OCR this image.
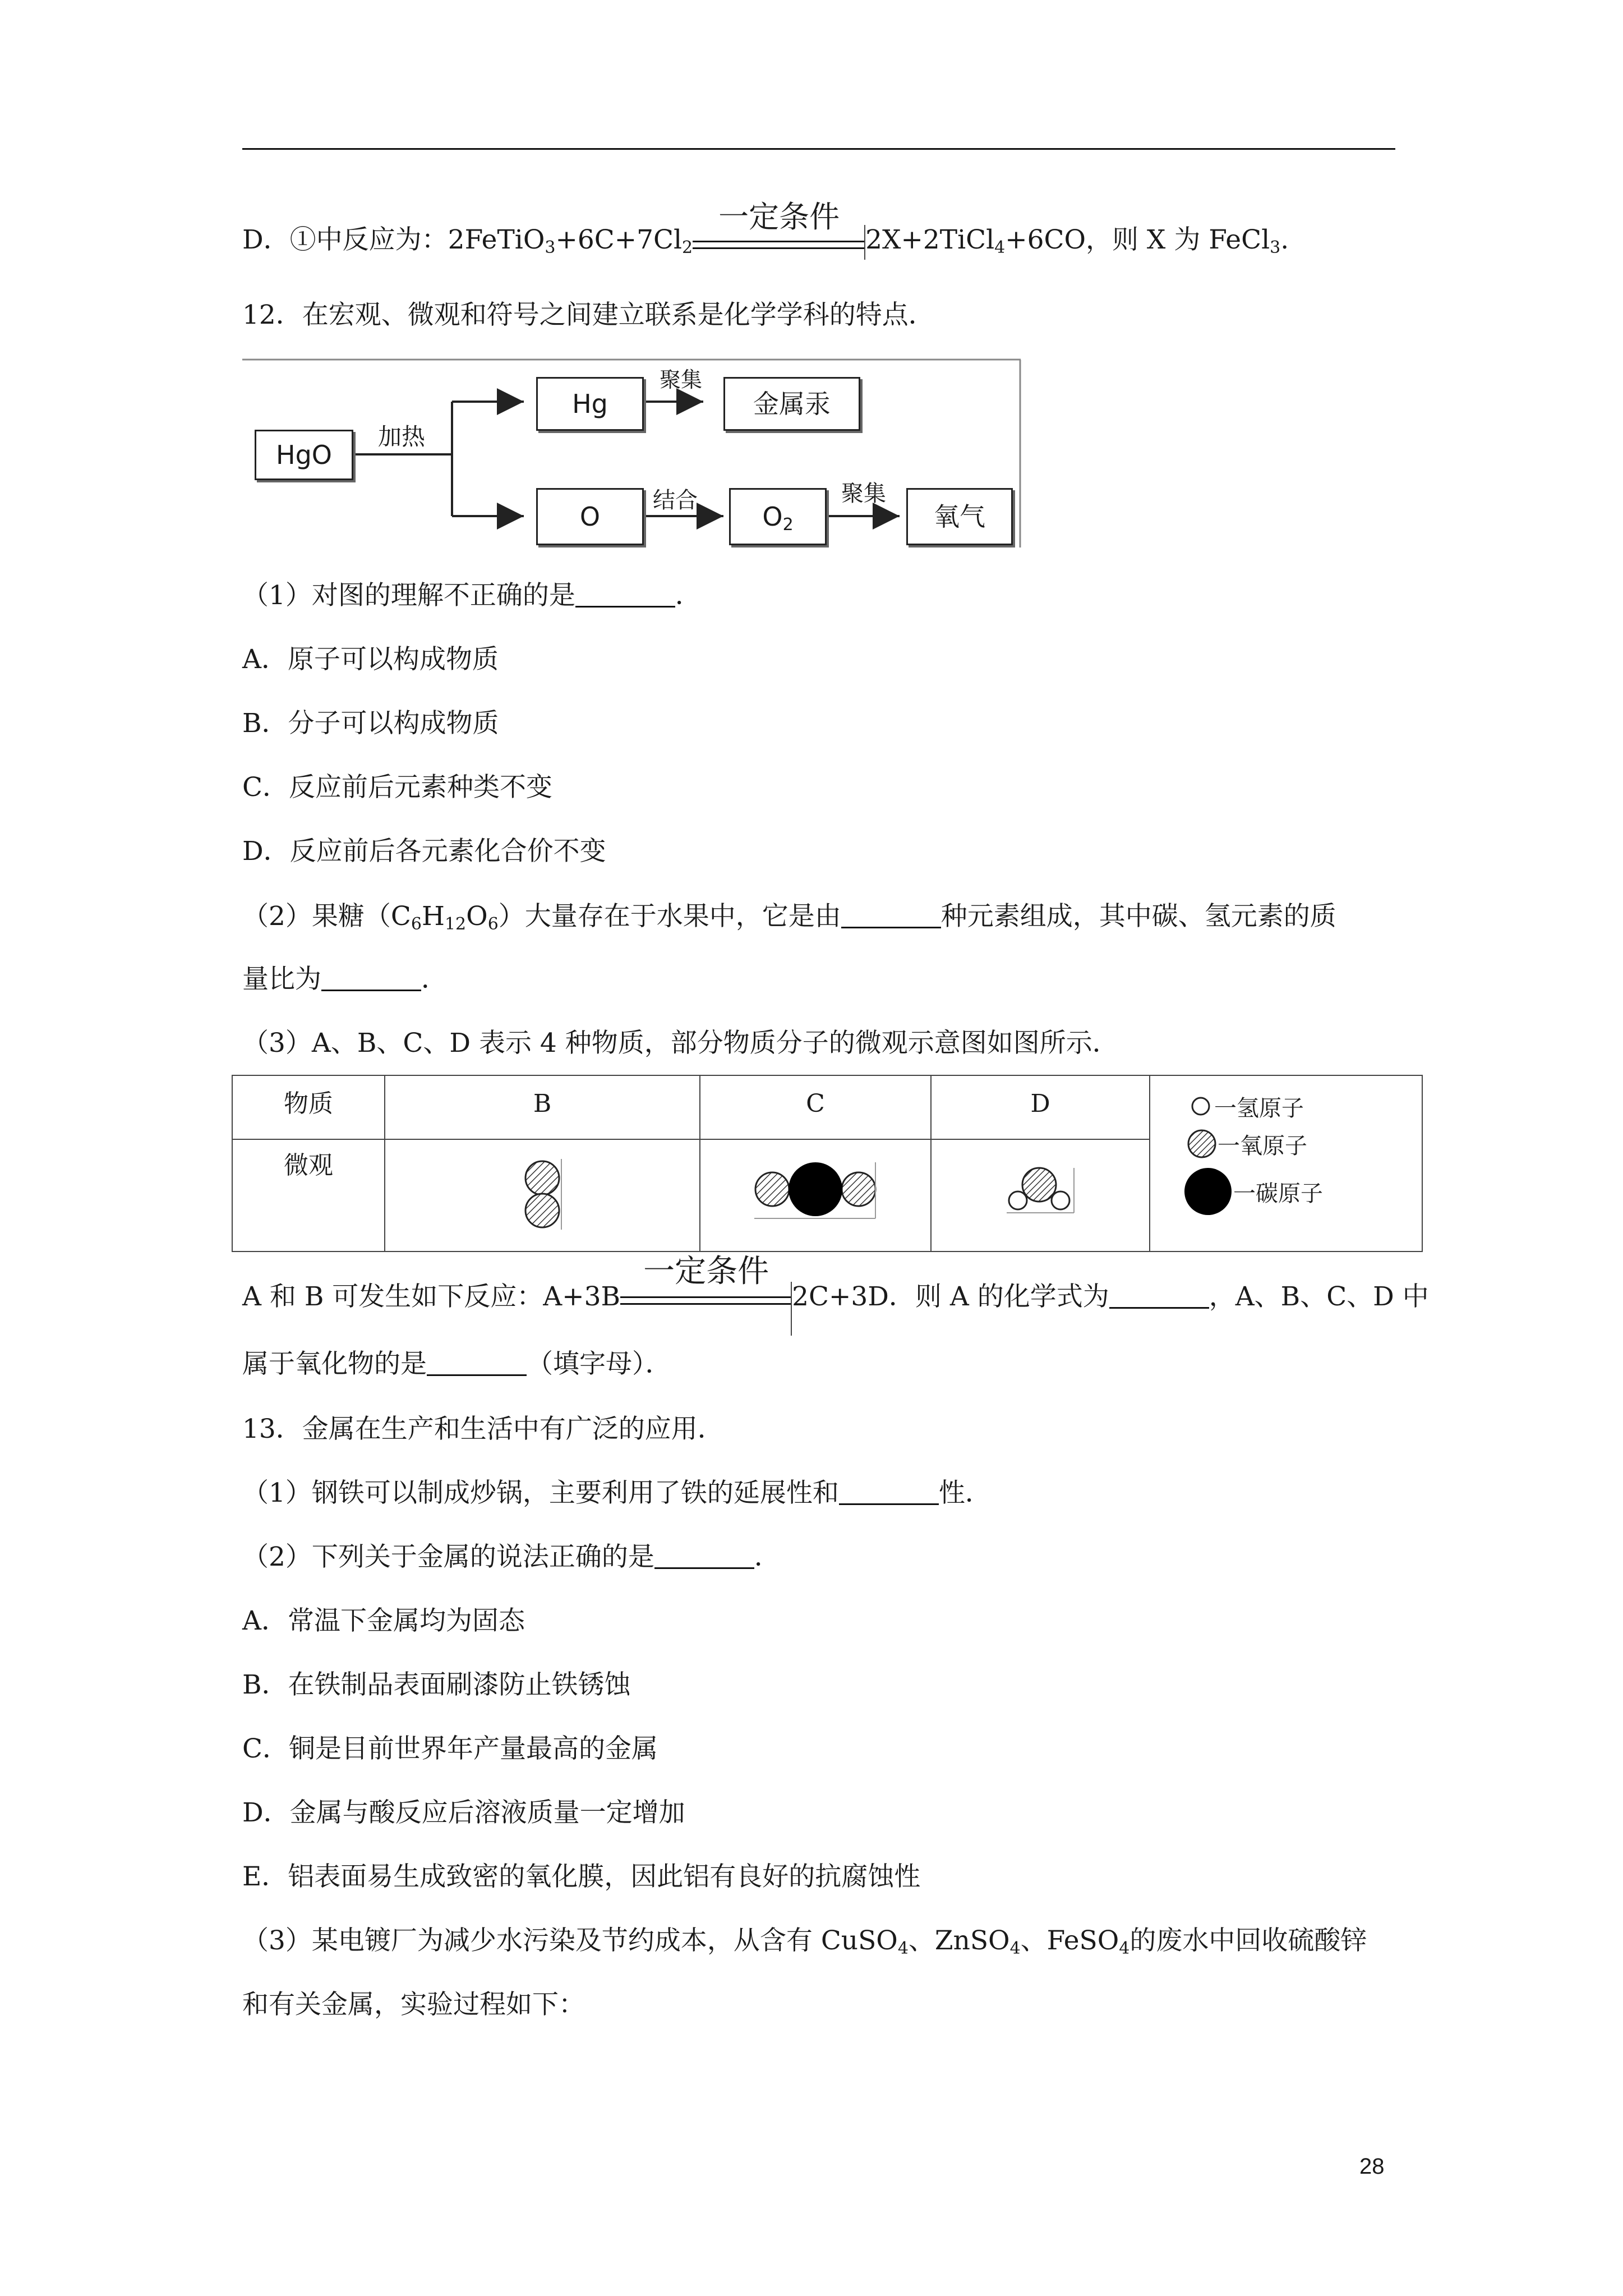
D．①中反应为：$2FeTiO_3+6C+7Cl_2$
一定条件
2X+2TiCl$_4$+6CO，则 X 为 FeCl$_3$.
12．在宏观、微观和符号之间建立联系是化学学科的特点．
HgO
加热
Hg
聚集
金属汞
O
结合
$O_2$
聚集
氧气
（1）对图的理解不正确的是	．
A．原子可以构成物质
B．分子可以构成物质
C．反应前后元素种类不变
D．反应前后各元素化合价不变
（2）果糖$(C_6H_{12}O_6)$大量存在于水果中，它是由	种元素组成，其中碳、氢元素的质
量比为	．
（3）A、B、C、D 表示 4 种物质，部分物质分子的微观示意图如图所示．
物质	B	C	D	一氢原子
一氧原子
一碳原子

微观			
A 和 B 可发生如下反应：A+3B
一定条件
2C+3D．则 A 的化学式为	，A、B、C、D 中
属于氧化物的是	（填字母）．
13．金属在生产和生活中有广泛的应用．
（1）钢铁可以制成炒锅，主要利用了铁的延展性和	性．
（2）下列关于金属的说法正确的是	．
A．常温下金属均为固态
B．在铁制品表面刷漆防止铁锈蚀
C．铜是目前世界年产量最高的金属
D．金属与酸反应后溶液质量一定增加
E．铝表面易生成致密的氧化膜，因此铝有良好的抗腐蚀性
（3）某电镀厂为减少水污染及节约成本，从含有 CuSO$_4$、ZnSO$_4$、FeSO$_4$的废水中回收硫酸锌
和有关金属，实验过程如下：
28
